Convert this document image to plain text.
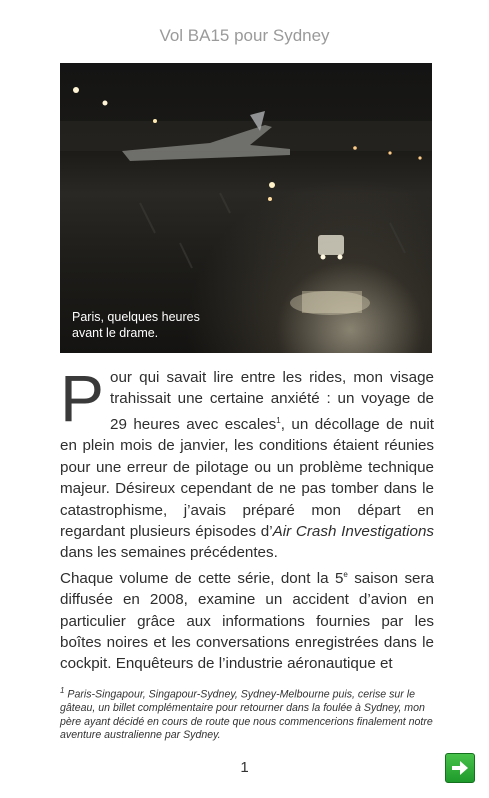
Vol BA15 pour Sydney
Paris, quelques heures
avant le drame.
P our qui savait lire entre les rides, mon visage trahissait une certaine anxiété : un voyage de 29 heures avec escales$^1$, un décollage de nuit en plein mois de janvier, les conditions étaient réunies pour une erreur de pilotage ou un problème technique majeur. Désireux cependant de ne pas tomber dans le catastrophisme, j’avais préparé mon départ en regardant plusieurs épisodes d’Air Crash Investigations dans les semaines précédentes.

Chaque volume de cette série, dont la 5e saison sera diffusée en 2008, examine un accident d’avion en particulier grâce aux informations fournies par les boîtes noires et les conversations enregistrées dans le cockpit. Enquêteurs de l’industrie aéronautique et

$^1$ Paris-Singapour, Singapour-Sydney, Sydney-Melbourne puis, cerise sur le gâteau, un billet complémentaire pour retourner dans la foulée à Sydney, mon père ayant décidé en cours de route que nous commencerions finalement notre aventure australienne par Sydney.
1
